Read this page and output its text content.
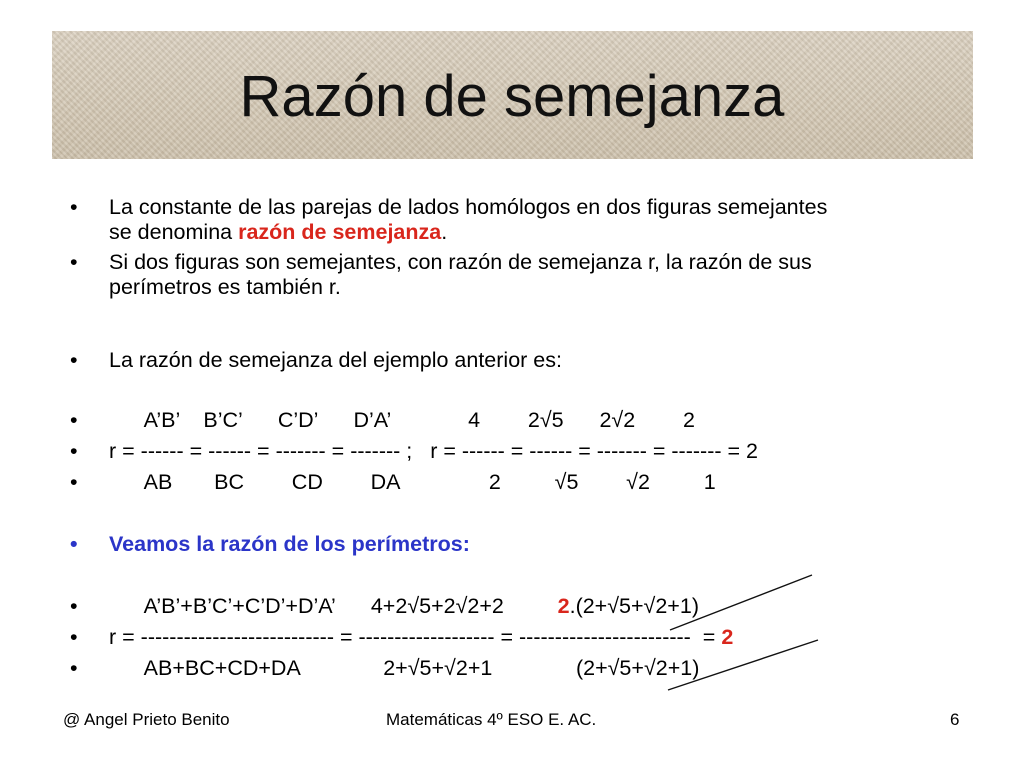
Razón de semejanza
• La constante de las parejas de lados homólogos en dos figuras semejantes
se denomina razón de semejanza.
• Si dos figuras son semejantes, con razón de semejanza r, la razón de sus
perímetros es también r.
• La razón de semejanza del ejemplo anterior es:
• A’B’    B’C’      C’D’      D’A’             4        2√5      2√2        2
• r = ------ = ------ = ------- = ------- ;   r = ------ = ------ = ------- = ------- = 2
• AB       BC        CD        DA               2         √5        √2         1
• Veamos la razón de los perímetros:
• A’B’+B’C’+C’D’+D’A’      4+2√5+2√2+2         2.(2+√5+√2+1)
• r = --------------------------- = ------------------- = ------------------------  = 2
• AB+BC+CD+DA              2+√5+√2+1              (2+√5+√2+1)
@ Angel Prieto Benito	Matemáticas 4º ESO E. AC.	6
